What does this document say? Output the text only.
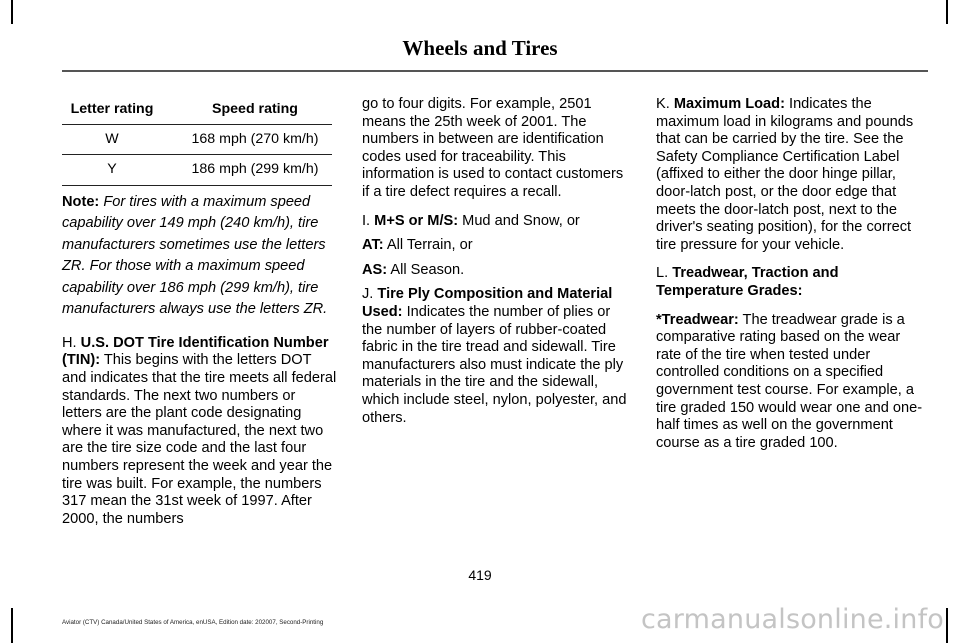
Wheels and Tires
Letter rating	Speed rating
W	168 mph (270 km/h)
Y	186 mph (299 km/h)

Note: For tires with a maximum speed capability over 149 mph (240 km/h), tire manufacturers sometimes use the letters ZR. For those with a maximum speed capability over 186 mph (299 km/h), tire manufacturers always use the letters ZR.

H. U.S. DOT Tire Identification Number (TIN): This begins with the letters DOT and indicates that the tire meets all federal standards. The next two numbers or letters are the plant code designating where it was manufactured, the next two are the tire size code and the last four numbers represent the week and year the tire was built. For example, the numbers 317 mean the 31st week of 1997. After 2000, the numbers

go to four digits. For example, 2501 means the 25th week of 2001. The numbers in between are identification codes used for traceability. This information is used to contact customers if a tire defect requires a recall.

I. M+S or M/S: Mud and Snow, or

AT: All Terrain, or

AS: All Season.

J. Tire Ply Composition and Material Used: Indicates the number of plies or the number of layers of rubber-coated fabric in the tire tread and sidewall. Tire manufacturers also must indicate the ply materials in the tire and the sidewall, which include steel, nylon, polyester, and others.

K. Maximum Load: Indicates the maximum load in kilograms and pounds that can be carried by the tire. See the Safety Compliance Certification Label (affixed to either the door hinge pillar, door-latch post, or the door edge that meets the door-latch post, next to the driver's seating position), for the correct tire pressure for your vehicle.

L. Treadwear, Traction and Temperature Grades:

*Treadwear: The treadwear grade is a comparative rating based on the wear rate of the tire when tested under controlled conditions on a specified government test course. For example, a tire graded 150 would wear one and one-half times as well on the government course as a tire graded 100.

419
Aviator (CTV) Canada/United States of America, enUSA, Edition date: 202007, Second-Printing	carmanualsonline.info
